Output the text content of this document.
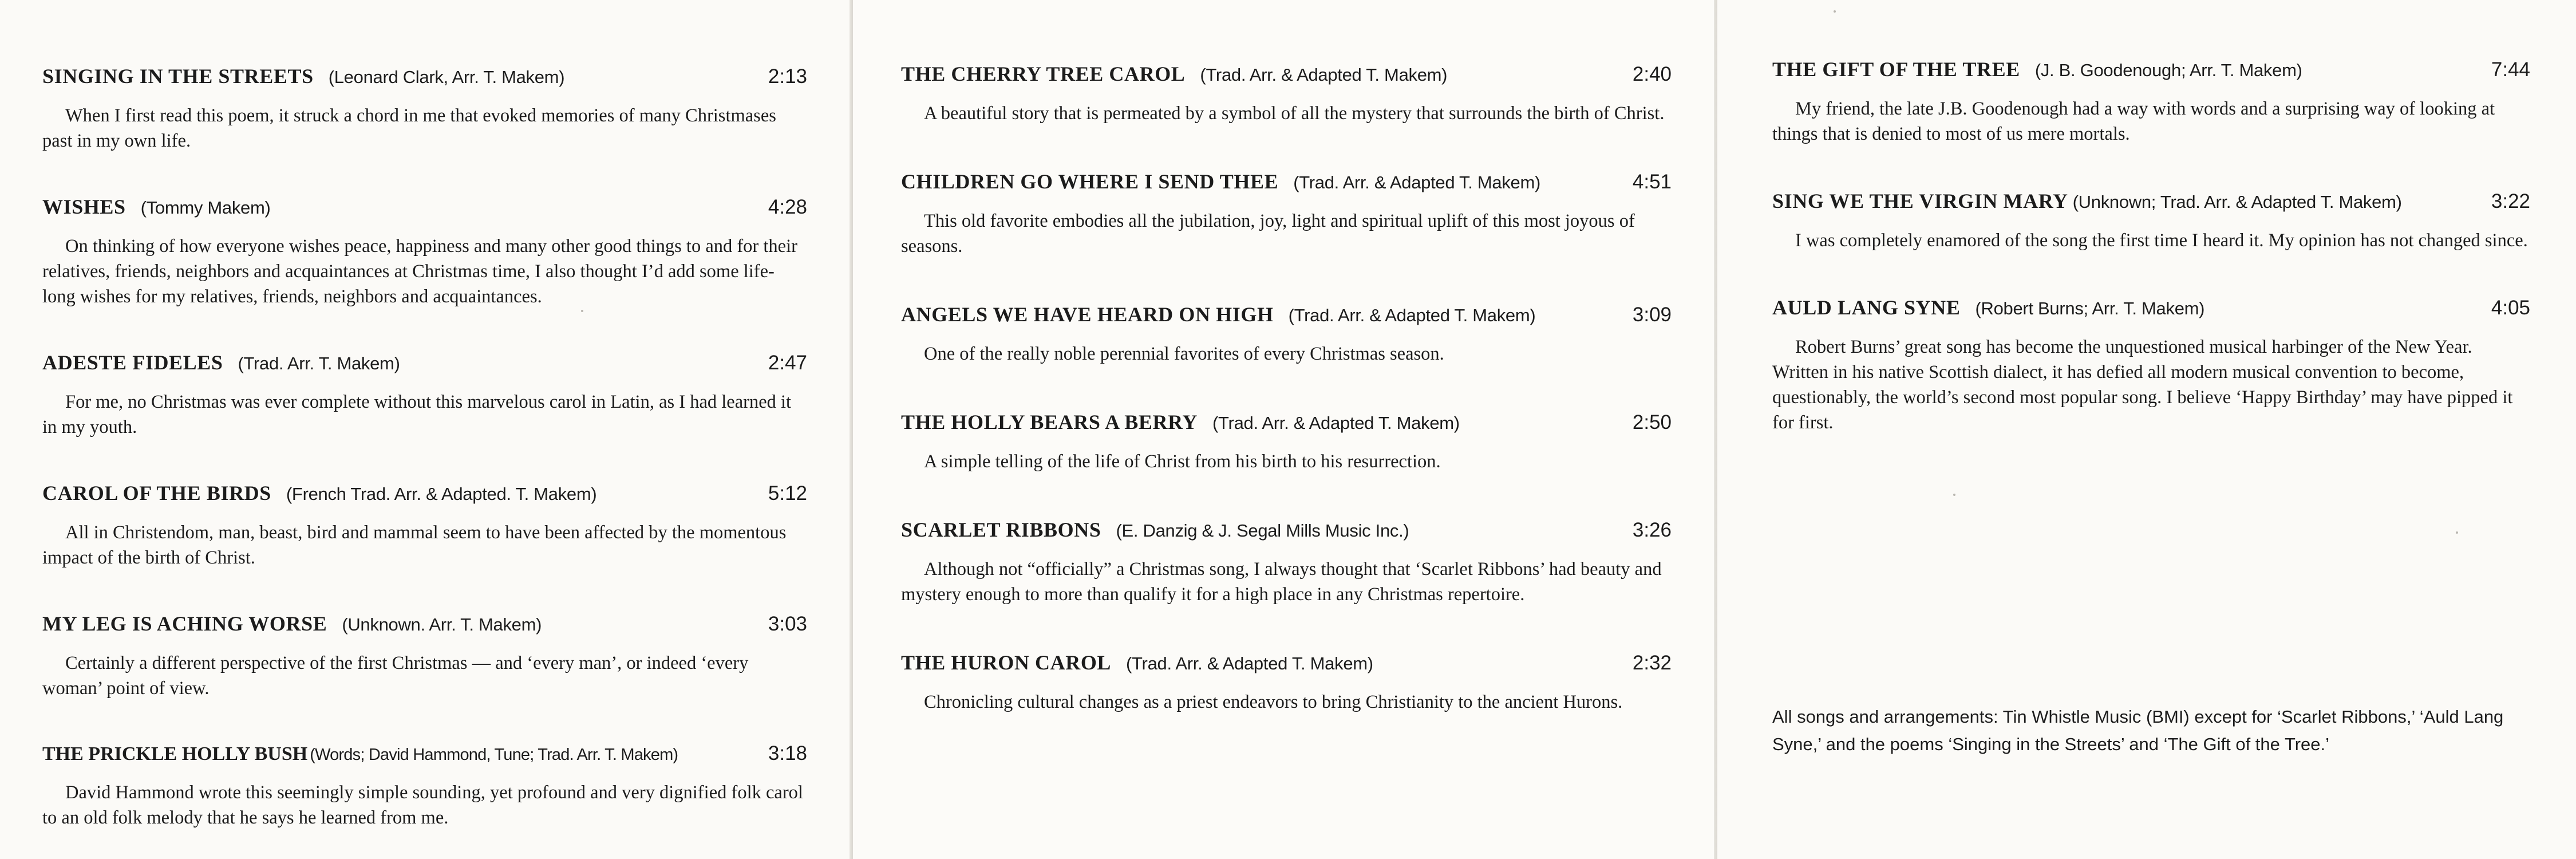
SINGING IN THE STREETS (Leonard Clark, Arr. T. Makem)	2:13

When I first read this poem, it struck a chord in me that evoked memories of many Christmases past in my own life.

WISHES (Tommy Makem)	4:28

On thinking of how everyone wishes peace, happiness and many other good things to and for their relatives, friends, neighbors and acquaintances at Christmas time, I also thought I’d add some life-long wishes for my relatives, friends, neighbors and acquaintances.

ADESTE FIDELES (Trad. Arr. T. Makem)	2:47

For me, no Christmas was ever complete without this marvelous carol in Latin, as I had learned it in my youth.

CAROL OF THE BIRDS (French Trad. Arr. & Adapted. T. Makem)	5:12

All in Christendom, man, beast, bird and mammal seem to have been affected by the momentous impact of the birth of Christ.

MY LEG IS ACHING WORSE (Unknown. Arr. T. Makem)	3:03

Certainly a different perspective of the first Christmas — and ‘every man’, or indeed ‘every woman’ point of view.

THE PRICKLE HOLLY BUSH (Words; David Hammond, Tune; Trad. Arr. T. Makem)	3:18

David Hammond wrote this seemingly simple sounding, yet profound and very dignified folk carol to an old folk melody that he says he learned from me.

THE CHERRY TREE CAROL (Trad. Arr. & Adapted T. Makem)	2:40

A beautiful story that is permeated by a symbol of all the mystery that surrounds the birth of Christ.

CHILDREN GO WHERE I SEND THEE (Trad. Arr. & Adapted T. Makem)	4:51

This old favorite embodies all the jubilation, joy, light and spiritual uplift of this most joyous of seasons.

ANGELS WE HAVE HEARD ON HIGH (Trad. Arr. & Adapted T. Makem)	3:09

One of the really noble perennial favorites of every Christmas season.

THE HOLLY BEARS A BERRY (Trad. Arr. & Adapted T. Makem)	2:50

A simple telling of the life of Christ from his birth to his resurrection.

SCARLET RIBBONS (E. Danzig & J. Segal Mills Music Inc.)	3:26

Although not “officially” a Christmas song, I always thought that ‘Scarlet Ribbons’ had beauty and mystery enough to more than qualify it for a high place in any Christmas repertoire.

THE HURON CAROL (Trad. Arr. & Adapted T. Makem)	2:32

Chronicling cultural changes as a priest endeavors to bring Christianity to the ancient Hurons.

THE GIFT OF THE TREE (J. B. Goodenough; Arr. T. Makem)	7:44

My friend, the late J.B. Goodenough had a way with words and a surprising way of looking at things that is denied to most of us mere mortals.

SING WE THE VIRGIN MARY (Unknown; Trad. Arr. & Adapted T. Makem)	3:22

I was completely enamored of the song the first time I heard it. My opinion has not changed since.

AULD LANG SYNE (Robert Burns; Arr. T. Makem)	4:05

Robert Burns’ great song has become the unquestioned musical harbinger of the New Year. Written in his native Scottish dialect, it has defied all modern musical convention to become, questionably, the world’s second most popular song. I believe ‘Happy Birthday’ may have pipped it for first.

All songs and arrangements: Tin Whistle Music (BMI) except for ‘Scarlet Ribbons,’ ‘Auld Lang Syne,’ and the poems ‘Singing in the Streets’ and ‘The Gift of the Tree.’
